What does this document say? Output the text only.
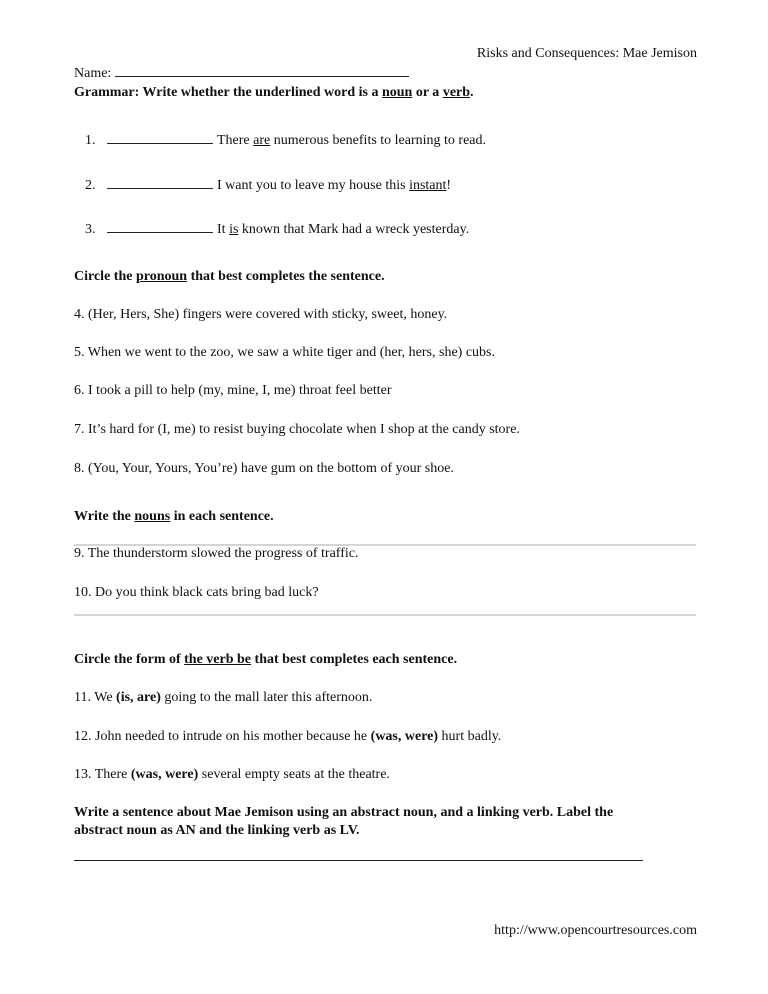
Risks and Consequences: Mae Jemison
Name:
Grammar: Write whether the underlined word is a noun or a verb.
1.	There are numerous benefits to learning to read.
2.	I want you to leave my house this instant!
3.	It is known that Mark had a wreck yesterday.
Circle the pronoun that best completes the sentence.
4. (Her, Hers, She) fingers were covered with sticky, sweet, honey.
5. When we went to the zoo, we saw a white tiger and (her, hers, she) cubs.
6. I took a pill to help (my, mine, I, me) throat feel better
7. It’s hard for (I, me) to resist buying chocolate when I shop at the candy store.
8. (You, Your, Yours, You’re) have gum on the bottom of your shoe.
Write the nouns in each sentence.
9. The thunderstorm slowed the progress of traffic.
10. Do you think black cats bring bad luck?
Circle the form of the verb be that best completes each sentence.
11. We (is, are) going to the mall later this afternoon.
12. John needed to intrude on his mother because he (was, were) hurt badly.
13. There (was, were) several empty seats at the theatre.
Write a sentence about Mae Jemison using an abstract noun, and a linking verb. Label the
abstract noun as AN and the linking verb as LV.
http://www.opencourtresources.com
